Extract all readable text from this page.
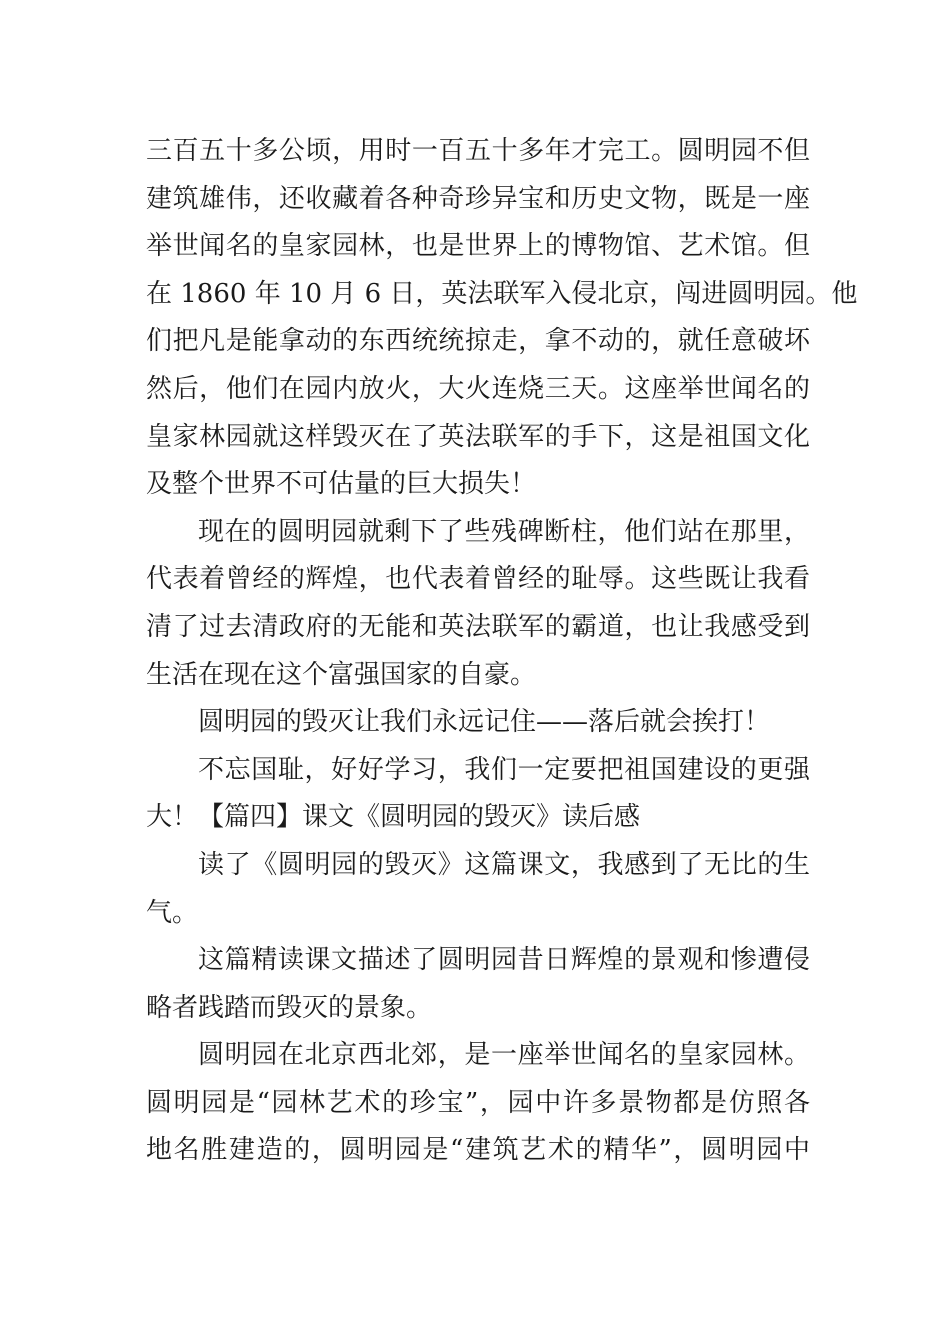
三百五十多公顷，用时一百五十多年才完工。圆明园不但
建筑雄伟，还收藏着各种奇珍异宝和历史文物，既是一座
举世闻名的皇家园林，也是世界上的博物馆、艺术馆。但
在 1860 年 10 月 6 日，英法联军入侵北京，闯进圆明园。他
们把凡是能拿动的东西统统掠走，拿不动的，就任意破坏
然后，他们在园内放火，大火连烧三天。这座举世闻名的
皇家林园就这样毁灭在了英法联军的手下，这是祖国文化
及整个世界不可估量的巨大损失！
现在的圆明园就剩下了些残碑断柱，他们站在那里，
代表着曾经的辉煌，也代表着曾经的耻辱。这些既让我看
清了过去清政府的无能和英法联军的霸道，也让我感受到
生活在现在这个富强国家的自豪。
圆明园的毁灭让我们永远记住——落后就会挨打！
不忘国耻，好好学习，我们一定要把祖国建设的更强
大！【篇四】课文《圆明园的毁灭》读后感
读了《圆明园的毁灭》这篇课文，我感到了无比的生
气。
这篇精读课文描述了圆明园昔日辉煌的景观和惨遭侵
略者践踏而毁灭的景象。
圆明园在北京西北郊，是一座举世闻名的皇家园林。
圆明园是“园林艺术的珍宝”，园中许多景物都是仿照各
地名胜建造的，圆明园是“建筑艺术的精华”，圆明园中
